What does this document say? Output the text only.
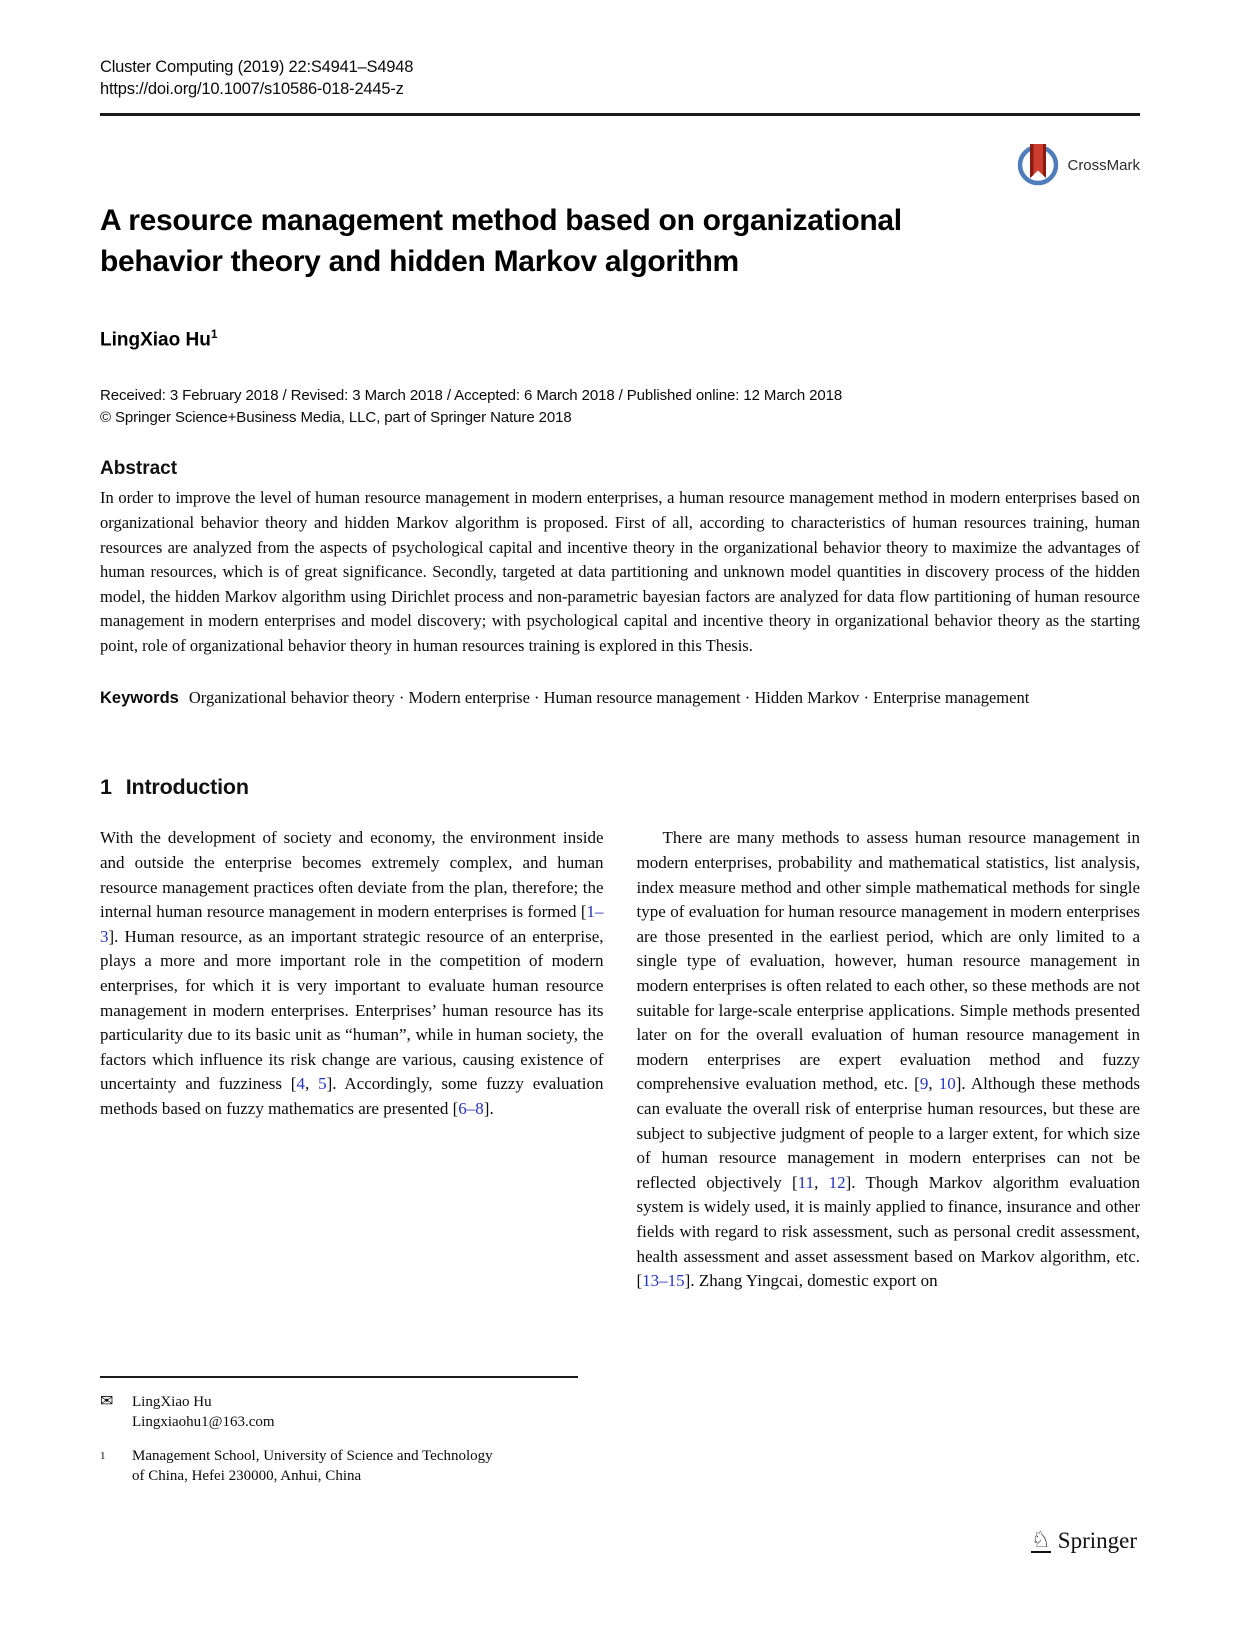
Cluster Computing (2019) 22:S4941–S4948
https://doi.org/10.1007/s10586-018-2445-z
CrossMark
A resource management method based on organizational behavior theory and hidden Markov algorithm
LingXiao Hu$^1$
Received: 3 February 2018 / Revised: 3 March 2018 / Accepted: 6 March 2018 / Published online: 12 March 2018
© Springer Science+Business Media, LLC, part of Springer Nature 2018
Abstract
In order to improve the level of human resource management in modern enterprises, a human resource management method in modern enterprises based on organizational behavior theory and hidden Markov algorithm is proposed. First of all, according to characteristics of human resources training, human resources are analyzed from the aspects of psychological capital and incentive theory in the organizational behavior theory to maximize the advantages of human resources, which is of great significance. Secondly, targeted at data partitioning and unknown model quantities in discovery process of the hidden model, the hidden Markov algorithm using Dirichlet process and non-parametric bayesian factors are analyzed for data flow partitioning of human resource management in modern enterprises and model discovery; with psychological capital and incentive theory in organizational behavior theory as the starting point, role of organizational behavior theory in human resources training is explored in this Thesis.
Keywords Organizational behavior theory · Modern enterprise · Human resource management · Hidden Markov · Enterprise management
1 Introduction

With the development of society and economy, the environment inside and outside the enterprise becomes extremely complex, and human resource management practices often deviate from the plan, therefore; the internal human resource management in modern enterprises is formed [1–3]. Human resource, as an important strategic resource of an enterprise, plays a more and more important role in the competition of modern enterprises, for which it is very important to evaluate human resource management in modern enterprises. Enterprises’ human resource has its particularity due to its basic unit as “human”, while in human society, the factors which influence its risk change are various, causing existence of uncertainty and fuzziness [4, 5]. Accordingly, some fuzzy evaluation methods based on fuzzy mathematics are presented [6–8].

There are many methods to assess human resource management in modern enterprises, probability and mathematical statistics, list analysis, index measure method and other simple mathematical methods for single type of evaluation for human resource management in modern enterprises are those presented in the earliest period, which are only limited to a single type of evaluation, however, human resource management in modern enterprises is often related to each other, so these methods are not suitable for large-scale enterprise applications. Simple methods presented later on for the overall evaluation of human resource management in modern enterprises are expert evaluation method and fuzzy comprehensive evaluation method, etc. [9, 10]. Although these methods can evaluate the overall risk of enterprise human resources, but these are subject to subjective judgment of people to a larger extent, for which size of human resource management in modern enterprises can not be reflected objectively [11, 12]. Though Markov algorithm evaluation system is widely used, it is mainly applied to finance, insurance and other fields with regard to risk assessment, such as personal credit assessment, health assessment and asset assessment based on Markov algorithm, etc. [13–15]. Zhang Yingcai, domestic export on

✉	LingXiao Hu
Lingxiaohu1@163.com
$^1$	Management School, University of Science and Technology
of China, Hefei 230000, Anhui, China
♘ Springer
